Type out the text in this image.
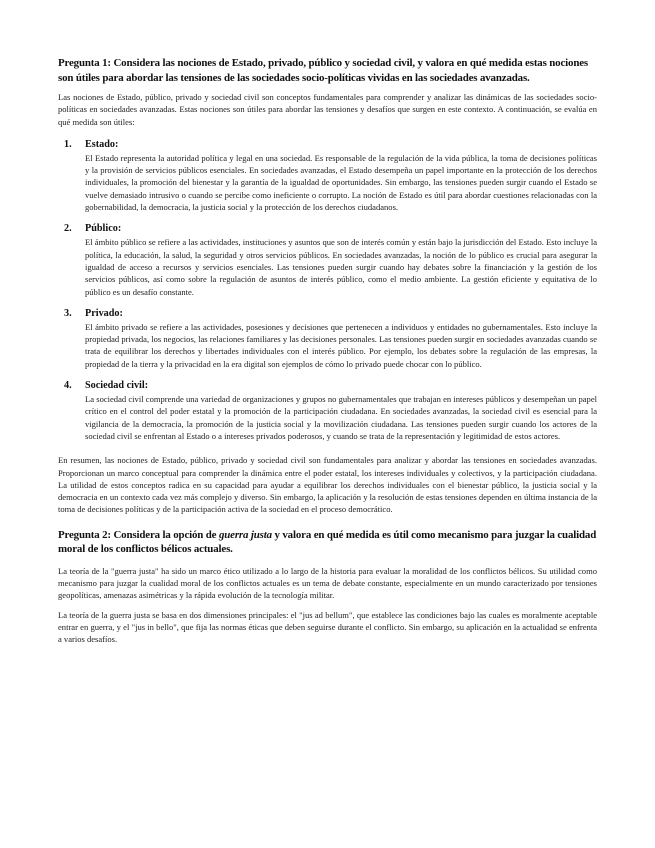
Pregunta 1: Considera las nociones de Estado, privado, público y sociedad civil, y valora en qué medida estas nociones son útiles para abordar las tensiones de las sociedades socio-políticas vividas en las sociedades avanzadas.

Las nociones de Estado, público, privado y sociedad civil son conceptos fundamentales para comprender y analizar las dinámicas de las sociedades socio-políticas en sociedades avanzadas. Estas nociones son útiles para abordar las tensiones y desafíos que surgen en este contexto. A continuación, se evalúa en qué medida son útiles:

1.	Estado:

El Estado representa la autoridad política y legal en una sociedad. Es responsable de la regulación de la vida pública, la toma de decisiones políticas y la provisión de servicios públicos esenciales. En sociedades avanzadas, el Estado desempeña un papel importante en la protección de los derechos individuales, la promoción del bienestar y la garantía de la igualdad de oportunidades. Sin embargo, las tensiones pueden surgir cuando el Estado se vuelve demasiado intrusivo o cuando se percibe como ineficiente o corrupto. La noción de Estado es útil para abordar cuestiones relacionadas con la gobernabilidad, la democracia, la justicia social y la protección de los derechos ciudadanos.

2.	Público:

El ámbito público se refiere a las actividades, instituciones y asuntos que son de interés común y están bajo la jurisdicción del Estado. Esto incluye la política, la educación, la salud, la seguridad y otros servicios públicos. En sociedades avanzadas, la noción de lo público es crucial para asegurar la igualdad de acceso a recursos y servicios esenciales. Las tensiones pueden surgir cuando hay debates sobre la financiación y la gestión de los servicios públicos, así como sobre la regulación de asuntos de interés público, como el medio ambiente. La gestión eficiente y equitativa de lo público es un desafío constante.

3.	Privado:

El ámbito privado se refiere a las actividades, posesiones y decisiones que pertenecen a individuos y entidades no gubernamentales. Esto incluye la propiedad privada, los negocios, las relaciones familiares y las decisiones personales. Las tensiones pueden surgir en sociedades avanzadas cuando se trata de equilibrar los derechos y libertades individuales con el interés público. Por ejemplo, los debates sobre la regulación de las empresas, la propiedad de la tierra y la privacidad en la era digital son ejemplos de cómo lo privado puede chocar con lo público.

4.	Sociedad civil:

La sociedad civil comprende una variedad de organizaciones y grupos no gubernamentales que trabajan en intereses públicos y desempeñan un papel crítico en el control del poder estatal y la promoción de la participación ciudadana. En sociedades avanzadas, la sociedad civil es esencial para la vigilancia de la democracia, la promoción de la justicia social y la movilización ciudadana. Las tensiones pueden surgir cuando los actores de la sociedad civil se enfrentan al Estado o a intereses privados poderosos, y cuando se trata de la representación y legitimidad de estos actores.

En resumen, las nociones de Estado, público, privado y sociedad civil son fundamentales para analizar y abordar las tensiones en sociedades avanzadas. Proporcionan un marco conceptual para comprender la dinámica entre el poder estatal, los intereses individuales y colectivos, y la participación ciudadana. La utilidad de estos conceptos radica en su capacidad para ayudar a equilibrar los derechos individuales con el bienestar público, la justicia social y la democracia en un contexto cada vez más complejo y diverso. Sin embargo, la aplicación y la resolución de estas tensiones dependen en última instancia de la toma de decisiones políticas y de la participación activa de la sociedad en el proceso democrático.

Pregunta 2: Considera la opción de guerra justa y valora en qué medida es útil como mecanismo para juzgar la cualidad moral de los conflictos bélicos actuales.

La teoría de la "guerra justa" ha sido un marco ético utilizado a lo largo de la historia para evaluar la moralidad de los conflictos bélicos. Su utilidad como mecanismo para juzgar la cualidad moral de los conflictos actuales es un tema de debate constante, especialmente en un mundo caracterizado por tensiones geopolíticas, amenazas asimétricas y la rápida evolución de la tecnología militar.

La teoría de la guerra justa se basa en dos dimensiones principales: el "jus ad bellum", que establece las condiciones bajo las cuales es moralmente aceptable entrar en guerra, y el "jus in bello", que fija las normas éticas que deben seguirse durante el conflicto. Sin embargo, su aplicación en la actualidad se enfrenta a varios desafíos.
